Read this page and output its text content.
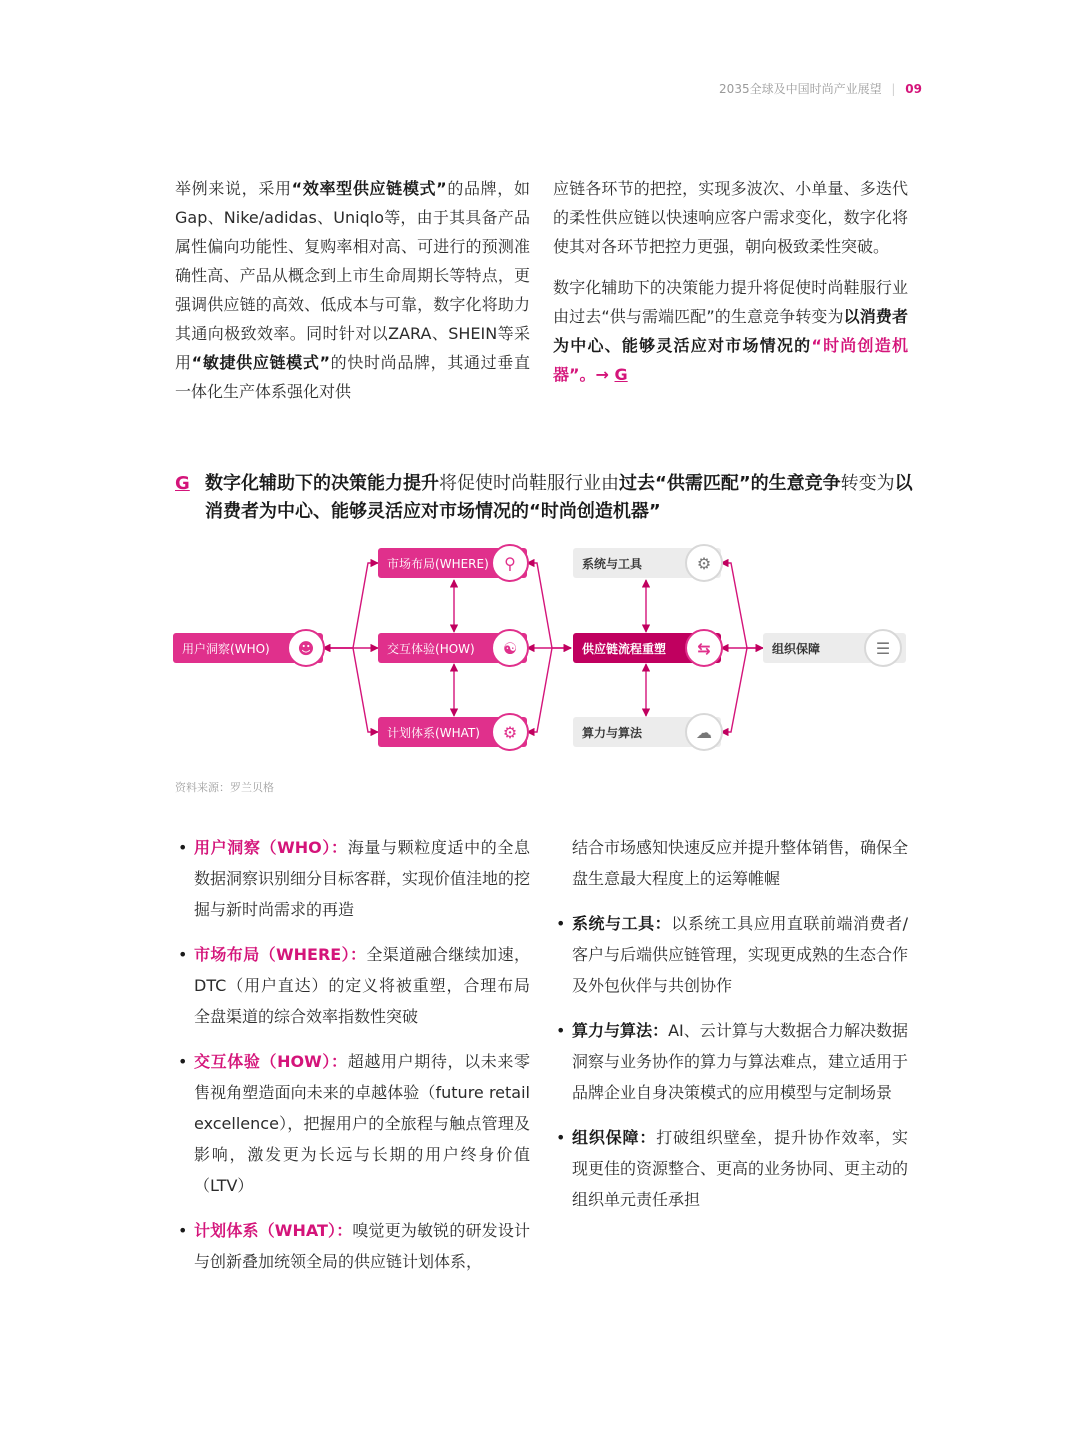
2035全球及中国时尚产业展望 | 09

举例来说，采用“效率型供应链模式”的品牌，如Gap、Nike/adidas、Uniqlo等，由于其具备产品属性偏向功能性、复购率相对高、可进行的预测准确性高、产品从概念到上市生命周期长等特点，更强调供应链的高效、低成本与可靠，数字化将助力其通向极致效率。同时针对以ZARA、SHEIN等采用“敏捷供应链模式”的快时尚品牌，其通过垂直一体化生产体系强化对供

应链各环节的把控，实现多波次、小单量、多迭代的柔性供应链以快速响应客户需求变化，数字化将使其对各环节把控力更强，朝向极致柔性突破。

数字化辅助下的决策能力提升将促使时尚鞋服行业由过去“供与需端匹配”的生意竞争转变为以消费者为中心、能够灵活应对市场情况的“时尚创造机器”。→ G

G 数字化辅助下的决策能力提升将促使时尚鞋服行业由过去“供需匹配”的生意竞争转变为以消费者为中心、能够灵活应对市场情况的“时尚创造机器”
用户洞察(WHO)	☻
市场布局(WHERE) ⚲
交互体验(HOW)	☯
计划体系(WHAT)	⚙
供应链流程重塑	⇆
系统与工具	⚙
算力与算法	☁
组织保障	☰
资料来源：罗兰贝格
• 用户洞察（WHO）：海量与颗粒度适中的全息数据洞察识别细分目标客群，实现价值洼地的挖掘与新时尚需求的再造
• 市场布局（WHERE）：全渠道融合继续加速，DTC（用户直达）的定义将被重塑，合理布局全盘渠道的综合效率指数性突破
• 交互体验（HOW）：超越用户期待，以未来零售视角塑造面向未来的卓越体验（future retail excellence），把握用户的全旅程与触点管理及影响，激发更为长远与长期的用户终身价值（LTV）
• 计划体系（WHAT）：嗅觉更为敏锐的研发设计与创新叠加统领全局的供应链计划体系，
结合市场感知快速反应并提升整体销售，确保全盘生意最大程度上的运筹帷幄
• 系统与工具：以系统工具应用直联前端消费者/客户与后端供应链管理，实现更成熟的生态合作及外包伙伴与共创协作
• 算力与算法：AI、云计算与大数据合力解决数据洞察与业务协作的算力与算法难点，建立适用于品牌企业自身决策模式的应用模型与定制场景
• 组织保障：打破组织壁垒，提升协作效率，实现更佳的资源整合、更高的业务协同、更主动的组织单元责任承担
